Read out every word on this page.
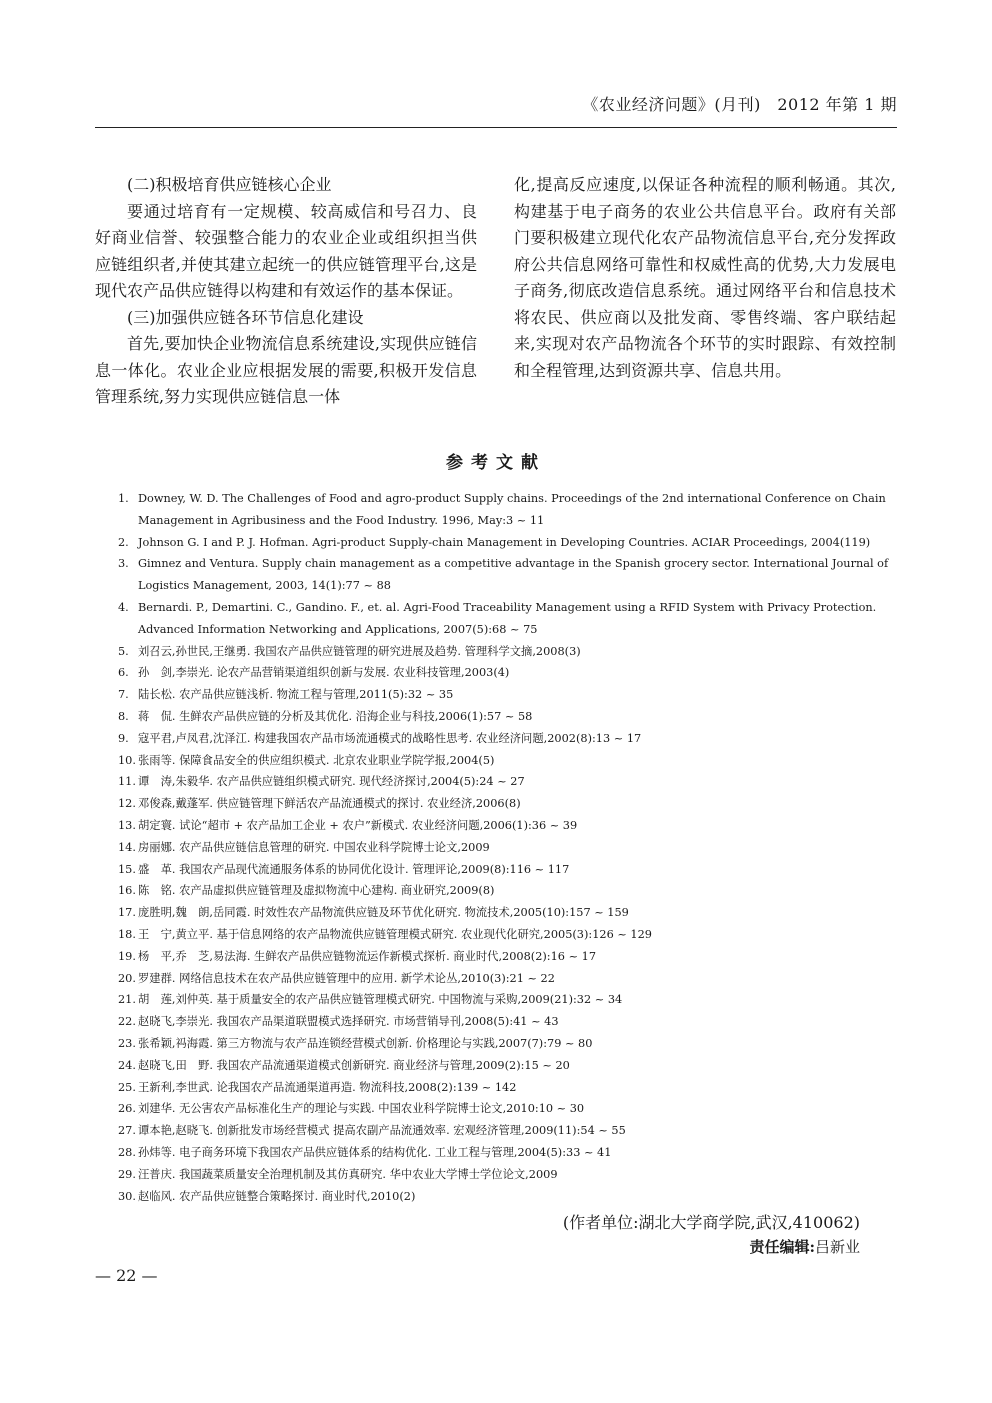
《农业经济问题》(月刊)　2012 年第 1 期
(二)积极培育供应链核心企业

要通过培育有一定规模、较高威信和号召力、良好商业信誉、较强整合能力的农业企业或组织担当供应链组织者,并使其建立起统一的供应链管理平台,这是现代农产品供应链得以构建和有效运作的基本保证。

(三)加强供应链各环节信息化建设

首先,要加快企业物流信息系统建设,实现供应链信息一体化。农业企业应根据发展的需要,积极开发信息管理系统,努力实现供应链信息一体

化,提高反应速度,以保证各种流程的顺利畅通。其次,构建基于电子商务的农业公共信息平台。政府有关部门要积极建立现代化农产品物流信息平台,充分发挥政府公共信息网络可靠性和权威性高的优势,大力发展电子商务,彻底改造信息系统。通过网络平台和信息技术将农民、供应商以及批发商、零售终端、客户联结起来,实现对农产品物流各个环节的实时跟踪、有效控制和全程管理,达到资源共享、信息共用。

参考文献
1. Downey, W. D. The Challenges of Food and agro-product Supply chains. Proceedings of the 2nd international Conference on Chain Management in Agribusiness and the Food Industry. 1996, May:3 ~ 11
2. Johnson G. I and P. J. Hofman. Agri-product Supply-chain Management in Developing Countries. ACIAR Proceedings, 2004(119)
3. Gimnez and Ventura. Supply chain management as a competitive advantage in the Spanish grocery sector. International Journal of Logistics Management, 2003, 14(1):77 ~ 88
4. Bernardi. P., Demartini. C., Gandino. F., et. al. Agri-Food Traceability Management using a RFID System with Privacy Protection. Advanced Information Networking and Applications, 2007(5):68 ~ 75
5. 刘召云,孙世民,王继勇. 我国农产品供应链管理的研究进展及趋势. 管理科学文摘,2008(3)
6. 孙　剑,李崇光. 论农产品营销渠道组织创新与发展. 农业科技管理,2003(4)
7. 陆长松. 农产品供应链浅析. 物流工程与管理,2011(5):32 ~ 35
8. 蒋　侃. 生鲜农产品供应链的分析及其优化. 沿海企业与科技,2006(1):57 ~ 58
9. 寇平君,卢凤君,沈泽江. 构建我国农产品市场流通模式的战略性思考. 农业经济问题,2002(8):13 ~ 17
10. 张雨等. 保障食品安全的供应组织模式. 北京农业职业学院学报,2004(5)
11. 谭　涛,朱毅华. 农产品供应链组织模式研究. 现代经济探讨,2004(5):24 ~ 27
12. 邓俊森,戴蓬军. 供应链管理下鲜活农产品流通模式的探讨. 农业经济,2006(8)
13. 胡定寰. 试论“超市 + 农产品加工企业 + 农户”新模式. 农业经济问题,2006(1):36 ~ 39
14. 房丽娜. 农产品供应链信息管理的研究. 中国农业科学院博士论文,2009
15. 盛　革. 我国农产品现代流通服务体系的协同优化设计. 管理评论,2009(8):116 ~ 117
16. 陈　铭. 农产品虚拟供应链管理及虚拟物流中心建构. 商业研究,2009(8)
17. 庞胜明,魏　朗,岳同霞. 时效性农产品物流供应链及环节优化研究. 物流技术,2005(10):157 ~ 159
18. 王　宁,黄立平. 基于信息网络的农产品物流供应链管理模式研究. 农业现代化研究,2005(3):126 ~ 129
19. 杨　平,乔　芝,易法海. 生鲜农产品供应链物流运作新模式探析. 商业时代,2008(2):16 ~ 17
20. 罗建群. 网络信息技术在农产品供应链管理中的应用. 新学术论丛,2010(3):21 ~ 22
21. 胡　莲,刘仲英. 基于质量安全的农产品供应链管理模式研究. 中国物流与采购,2009(21):32 ~ 34
22. 赵晓飞,李崇光. 我国农产品渠道联盟模式选择研究. 市场营销导刊,2008(5):41 ~ 43
23. 张希颖,祃海霞. 第三方物流与农产品连锁经营模式创新. 价格理论与实践,2007(7):79 ~ 80
24. 赵晓飞,田　野. 我国农产品流通渠道模式创新研究. 商业经济与管理,2009(2):15 ~ 20
25. 王新利,李世武. 论我国农产品流通渠道再造. 物流科技,2008(2):139 ~ 142
26. 刘建华. 无公害农产品标准化生产的理论与实践. 中国农业科学院博士论文,2010:10 ~ 30
27. 谭本艳,赵晓飞. 创新批发市场经营模式 提高农副产品流通效率. 宏观经济管理,2009(11):54 ~ 55
28. 孙炜等. 电子商务环境下我国农产品供应链体系的结构优化. 工业工程与管理,2004(5):33 ~ 41
29. 汪普庆. 我国蔬菜质量安全治理机制及其仿真研究. 华中农业大学博士学位论文,2009
30. 赵临风. 农产品供应链整合策略探讨. 商业时代,2010(2)
(作者单位:湖北大学商学院,武汉,410062)
责任编辑:吕新业
— 22 —
